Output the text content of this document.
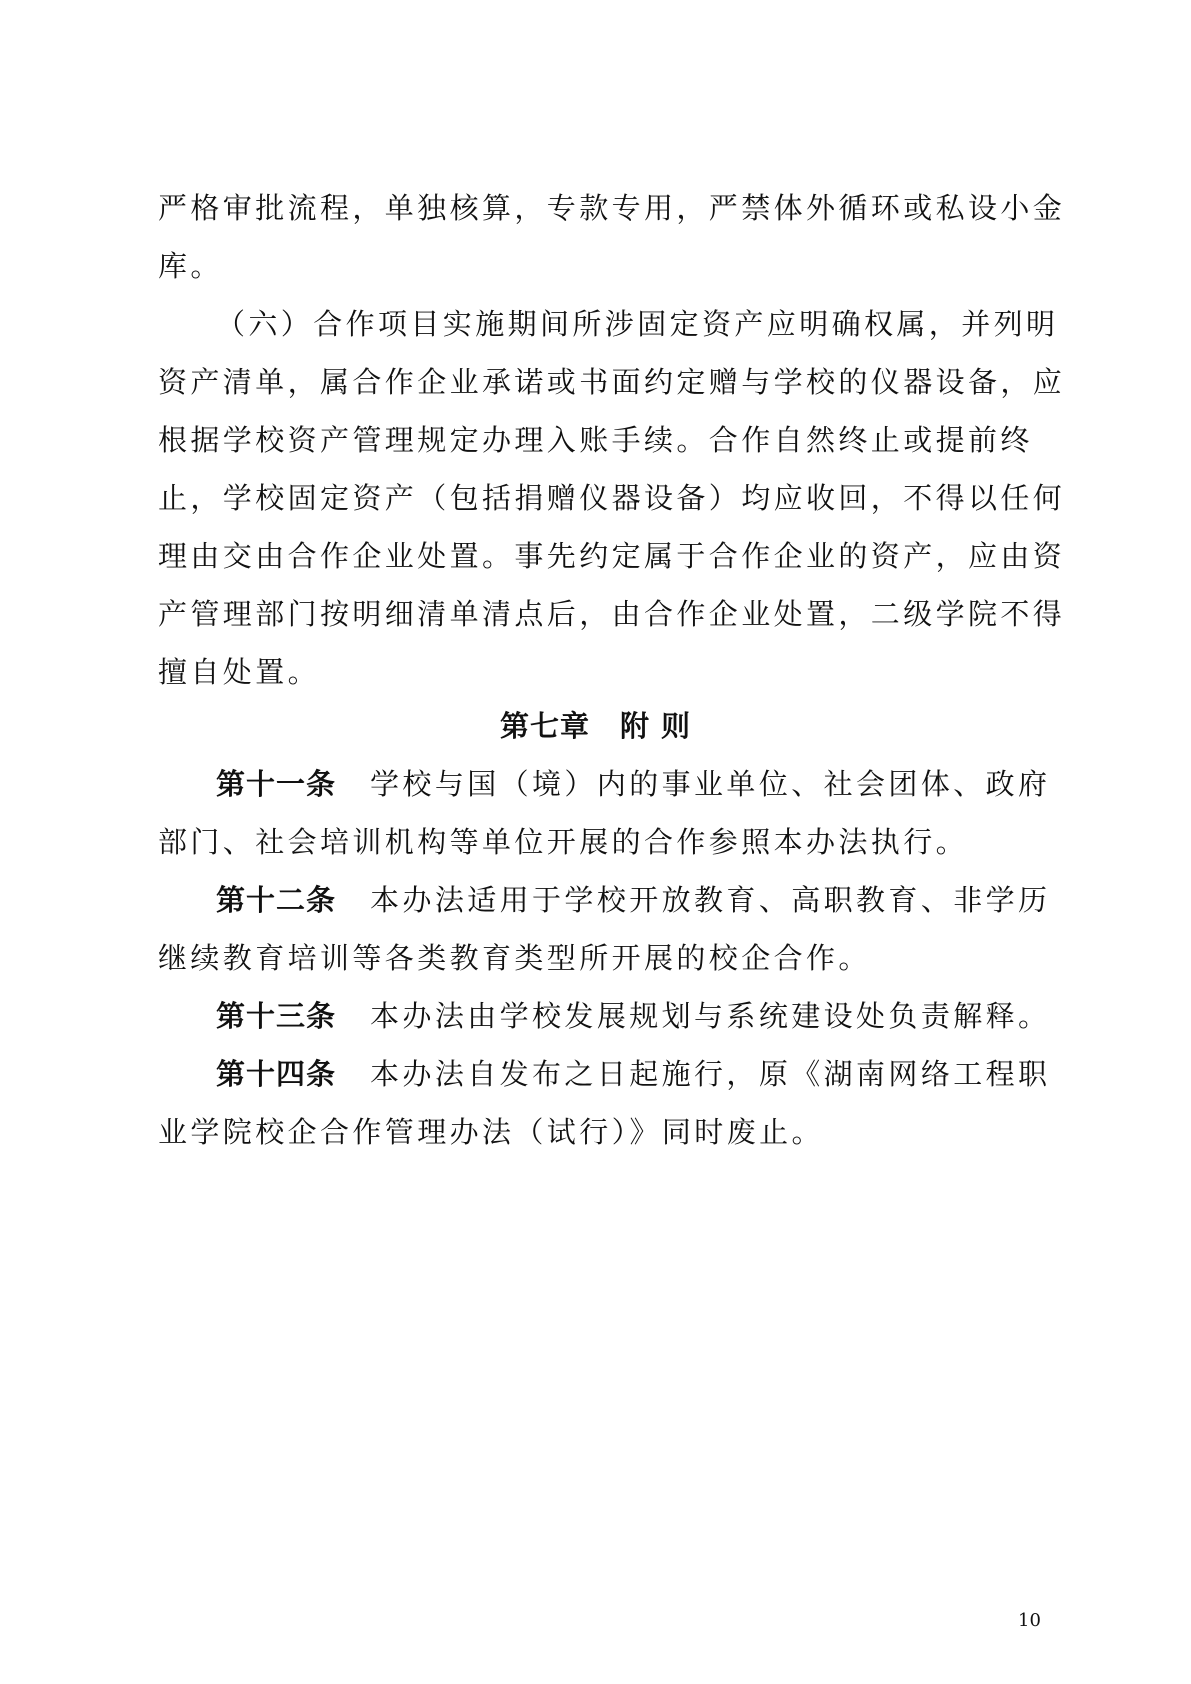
严格审批流程，单独核算，专款专用，严禁体外循环或私设小金
库。
（六）合作项目实施期间所涉固定资产应明确权属，并列明
资产清单，属合作企业承诺或书面约定赠与学校的仪器设备，应
根据学校资产管理规定办理入账手续。合作自然终止或提前终
止，学校固定资产（包括捐赠仪器设备）均应收回，不得以任何
理由交由合作企业处置。事先约定属于合作企业的资产，应由资
产管理部门按明细清单清点后，由合作企业处置，二级学院不得
擅自处置。
第七章 附 则
第十一条 学校与国（境）内的事业单位、社会团体、政府
部门、社会培训机构等单位开展的合作参照本办法执行。
第十二条 本办法适用于学校开放教育、高职教育、非学历
继续教育培训等各类教育类型所开展的校企合作。
第十三条 本办法由学校发展规划与系统建设处负责解释。
第十四条 本办法自发布之日起施行，原《湖南网络工程职
业学院校企合作管理办法（试行）》同时废止。
10
